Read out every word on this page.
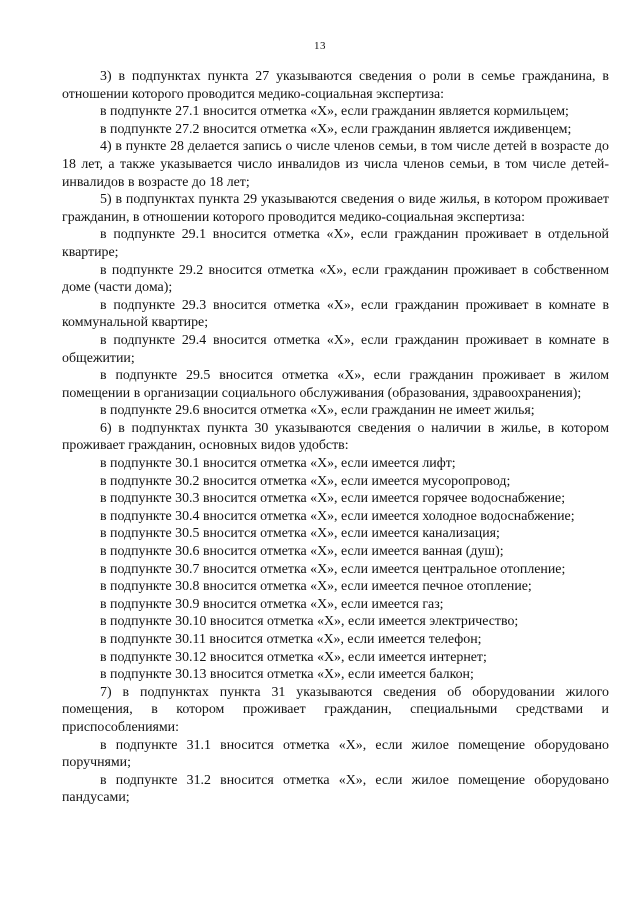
13

3) в подпунктах пункта 27 указываются сведения о роли в семье гражданина, в отношении которого проводится медико-социальная экспертиза:

в подпункте 27.1 вносится отметка «X», если гражданин является кормильцем;

в подпункте 27.2 вносится отметка «X», если гражданин является иждивенцем;

4) в пункте 28 делается запись о числе членов семьи, в том числе детей в возрасте до 18 лет, а также указывается число инвалидов из числа членов семьи, в том числе детей-инвалидов в возрасте до 18 лет;

5) в подпунктах пункта 29 указываются сведения о виде жилья, в котором проживает гражданин, в отношении которого проводится медико-социальная экспертиза:

в подпункте 29.1 вносится отметка «X», если гражданин проживает в отдельной квартире;

в подпункте 29.2 вносится отметка «X», если гражданин проживает в собственном доме (части дома);

в подпункте 29.3 вносится отметка «X», если гражданин проживает в комнате в коммунальной квартире;

в подпункте 29.4 вносится отметка «X», если гражданин проживает в комнате в общежитии;

в подпункте 29.5 вносится отметка «X», если гражданин проживает в жилом помещении в организации социального обслуживания (образования, здравоохранения);

в подпункте 29.6 вносится отметка «X», если гражданин не имеет жилья;

6) в подпунктах пункта 30 указываются сведения о наличии в жилье, в котором проживает гражданин, основных видов удобств:

в подпункте 30.1 вносится отметка «X», если имеется лифт;

в подпункте 30.2 вносится отметка «X», если имеется мусоропровод;

в подпункте 30.3 вносится отметка «X», если имеется горячее водоснабжение;

в подпункте 30.4 вносится отметка «X», если имеется холодное водоснабжение;

в подпункте 30.5 вносится отметка «X», если имеется канализация;

в подпункте 30.6 вносится отметка «X», если имеется ванная (душ);

в подпункте 30.7 вносится отметка «X», если имеется центральное отопление;

в подпункте 30.8 вносится отметка «X», если имеется печное отопление;

в подпункте 30.9 вносится отметка «X», если имеется газ;

в подпункте 30.10 вносится отметка «X», если имеется электричество;

в подпункте 30.11 вносится отметка «X», если имеется телефон;

в подпункте 30.12 вносится отметка «X», если имеется интернет;

в подпункте 30.13 вносится отметка «X», если имеется балкон;

7) в подпунктах пункта 31 указываются сведения об оборудовании жилого помещения, в котором проживает гражданин, специальными средствами и приспособлениями:

в подпункте 31.1 вносится отметка «X», если жилое помещение оборудовано поручнями;

в подпункте 31.2 вносится отметка «X», если жилое помещение оборудовано пандусами;
